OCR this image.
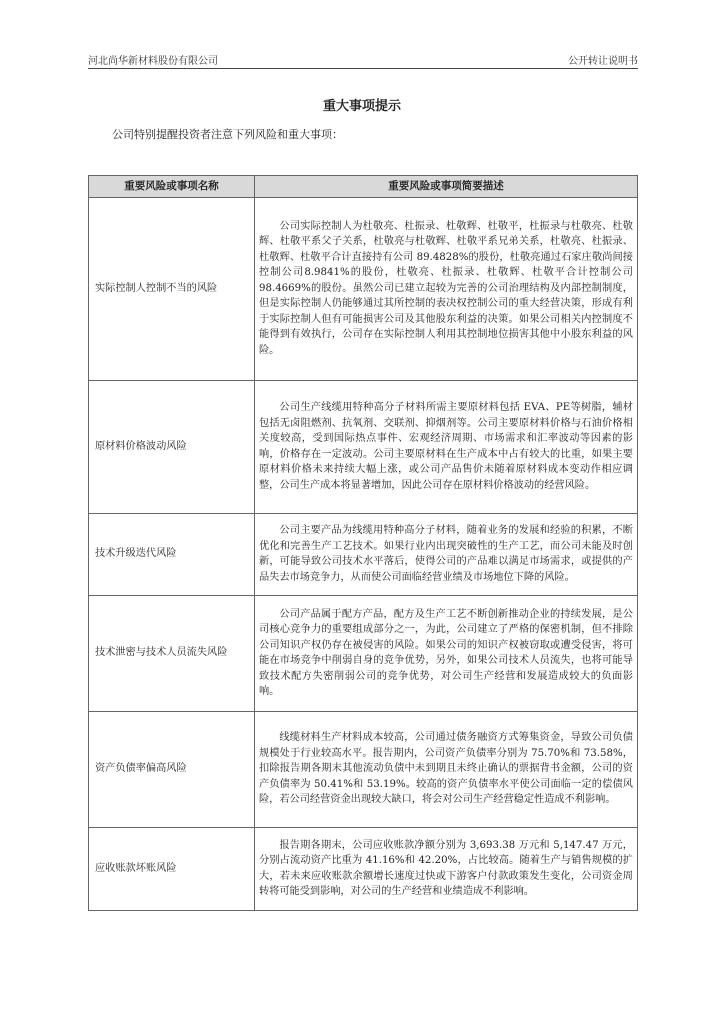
河北尚华新材料股份有限公司	公开转让说明书
重大事项提示
公司特别提醒投资者注意下列风险和重大事项：
重要风险或事项名称	重要风险或事项简要描述
实际控制人控制不当的风险	公司实际控制人为杜敬亮、杜振录、杜敬辉、杜敬平，杜振录与杜敬亮、杜敬辉、杜敬平系父子关系，杜敬亮与杜敬辉、杜敬平系兄弟关系，杜敬亮、杜振录、杜敬辉、杜敬平合计直接持有公司 89.4828%的股份，杜敬亮通过石家庄敬尚间接控制公司8.9841%的股份，杜敬亮、杜振录、杜敬辉、杜敬平合计控制公司98.4669%的股份。虽然公司已建立起较为完善的公司治理结构及内部控制制度，但是实际控制人仍能够通过其所控制的表决权控制公司的重大经营决策，形成有利于实际控制人但有可能损害公司及其他股东利益的决策。如果公司相关内控制度不能得到有效执行，公司存在实际控制人利用其控制地位损害其他中小股东利益的风险。
原材料价格波动风险	公司生产线缆用特种高分子材料所需主要原材料包括 EVA、PE等树脂，辅材包括无卤阻燃剂、抗氧剂、交联剂、抑烟剂等。公司主要原材料价格与石油价格相关度较高，受到国际热点事件、宏观经济周期、市场需求和汇率波动等因素的影响，价格存在一定波动。公司主要原材料在生产成本中占有较大的比重，如果主要原材料价格未来持续大幅上涨，或公司产品售价未随着原材料成本变动作相应调整，公司生产成本将显著增加，因此公司存在原材料价格波动的经营风险。
技术升级迭代风险	公司主要产品为线缆用特种高分子材料，随着业务的发展和经验的积累，不断优化和完善生产工艺技术。如果行业内出现突破性的生产工艺，而公司未能及时创新，可能导致公司技术水平落后，使得公司的产品难以满足市场需求，或提供的产品失去市场竞争力，从而使公司面临经营业绩及市场地位下降的风险。
技术泄密与技术人员流失风险	公司产品属于配方产品，配方及生产工艺不断创新推动企业的持续发展，是公司核心竞争力的重要组成部分之一，为此，公司建立了严格的保密机制，但不排除公司知识产权仍存在被侵害的风险。如果公司的知识产权被窃取或遭受侵害，将可能在市场竞争中削弱自身的竞争优势，另外，如果公司技术人员流失，也将可能导致技术配方失密削弱公司的竞争优势，对公司生产经营和发展造成较大的负面影响。
资产负债率偏高风险	线缆材料生产材料成本较高，公司通过债务融资方式筹集资金，导致公司负债规模处于行业较高水平。报告期内，公司资产负债率分别为 75.70%和 73.58%，扣除报告期各期末其他流动负债中未到期且未终止确认的票据背书金额，公司的资产负债率为 50.41%和 53.19%。较高的资产负债率水平使公司面临一定的偿债风险，若公司经营资金出现较大缺口，将会对公司生产经营稳定性造成不利影响。
应收账款坏账风险	报告期各期末，公司应收账款净额分别为 3,693.38 万元和 5,147.47 万元，分别占流动资产比重为 41.16%和 42.20%，占比较高。随着生产与销售规模的扩大，若未来应收账款余额增长速度过快或下游客户付款政策发生变化，公司资金周转将可能受到影响，对公司的生产经营和业绩造成不利影响。
